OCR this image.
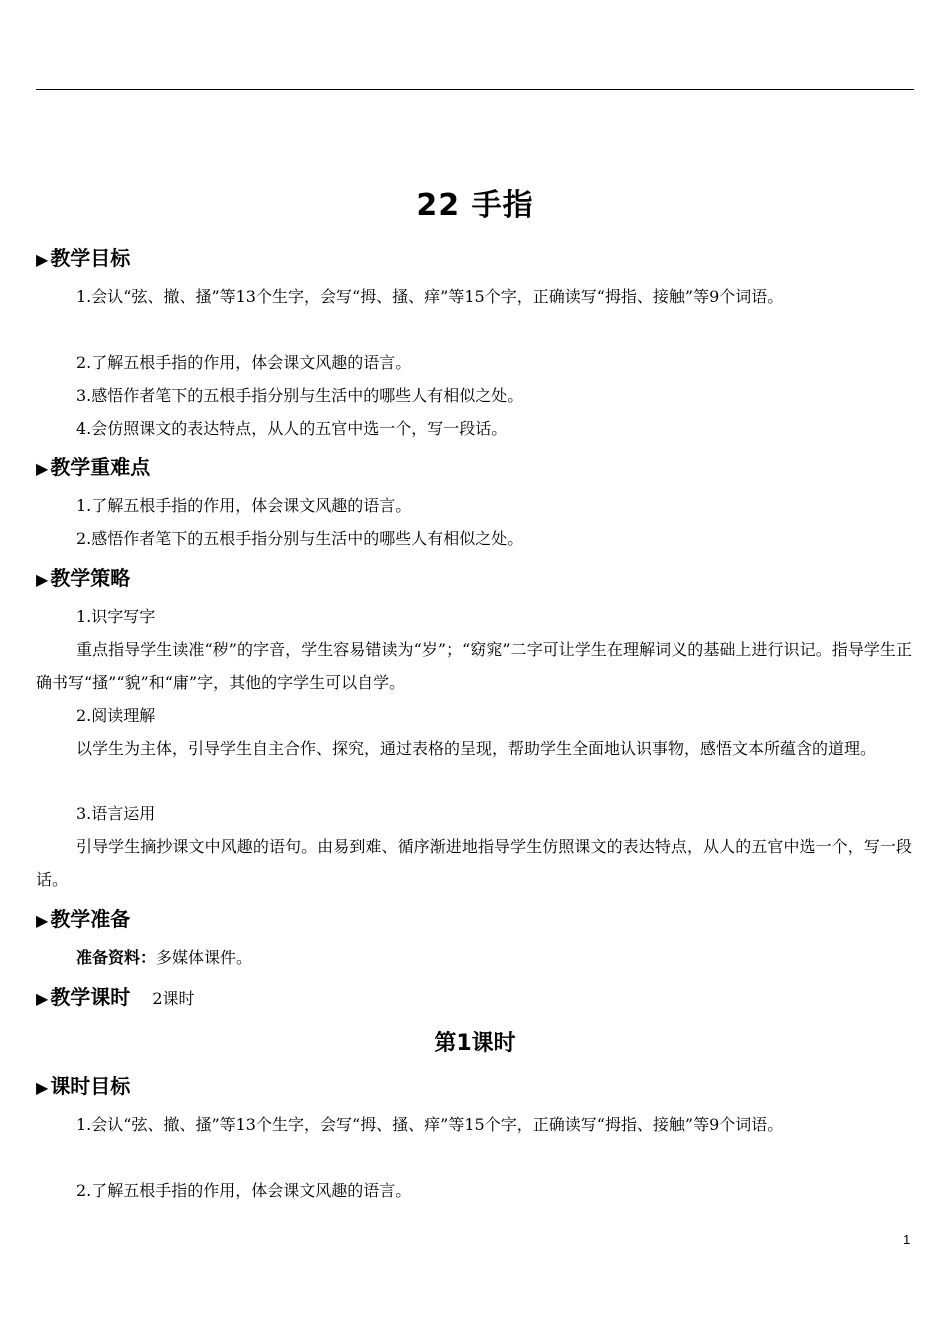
22 手指
▶ 教学目标
1.会认“弦、撤、搔”等13个生字，会写“拇、搔、痒”等15个字，正确读写“拇指、接触”等9个词语。
2.了解五根手指的作用，体会课文风趣的语言。
3.感悟作者笔下的五根手指分别与生活中的哪些人有相似之处。
4.会仿照课文的表达特点，从人的五官中选一个，写一段话。
▶ 教学重难点
1.了解五根手指的作用，体会课文风趣的语言。
2.感悟作者笔下的五根手指分别与生活中的哪些人有相似之处。
▶ 教学策略
1.识字写字
重点指导学生读准“秽”的字音，学生容易错读为“岁”；“窈窕”二字可让学生在理解词义的基础上进行识记。指导学生正确书写“搔”“貌”和“庸”字，其他的字学生可以自学。
2.阅读理解
以学生为主体，引导学生自主合作、探究，通过表格的呈现，帮助学生全面地认识事物，感悟文本所蕴含的道理。
3.语言运用
引导学生摘抄课文中风趣的语句。由易到难、循序渐进地指导学生仿照课文的表达特点，从人的五官中选一个，写一段话。
▶ 教学准备
准备资料：多媒体课件。
▶ 教学课时 2课时
第1课时
▶ 课时目标
1.会认“弦、撤、搔”等13个生字，会写“拇、搔、痒”等15个字，正确读写“拇指、接触”等9个词语。
2.了解五根手指的作用，体会课文风趣的语言。
1
